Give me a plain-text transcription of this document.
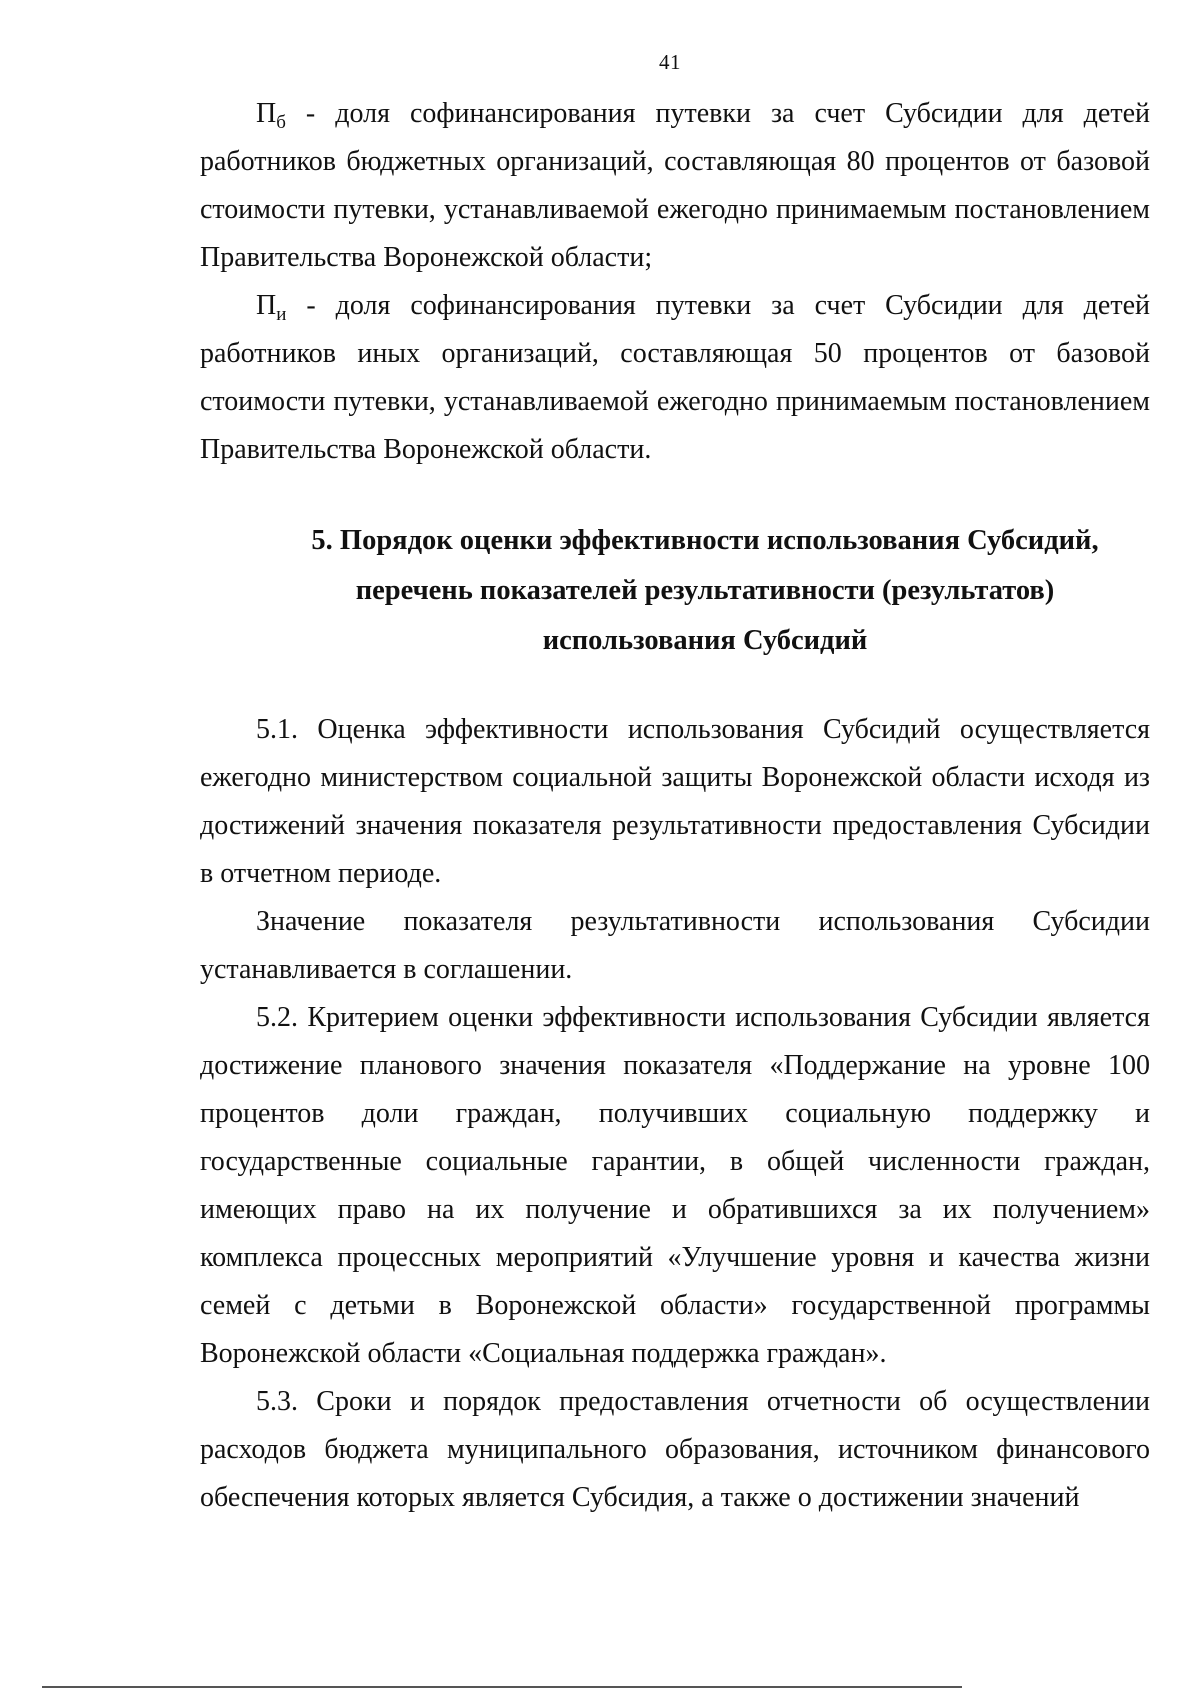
41

$П_б$ - доля софинансирования путевки за счет Субсидии для детей работников бюджетных организаций, составляющая 80 процентов от базовой стоимости путевки, устанавливаемой ежегодно принимаемым постановлением Правительства Воронежской области;

$П_и$ - доля софинансирования путевки за счет Субсидии для детей работников иных организаций, составляющая 50 процентов от базовой стоимости путевки, устанавливаемой ежегодно принимаемым постановлением Правительства Воронежской области.

5. Порядок оценки эффективности использования Субсидий,
перечень показателей результативности (результатов)
использования Субсидий

5.1. Оценка эффективности использования Субсидий осуществляется ежегодно министерством социальной защиты Воронежской области исходя из достижений значения показателя результативности предоставления Субсидии в отчетном периоде.

Значение показателя результативности использования Субсидии устанавливается в соглашении.

5.2. Критерием оценки эффективности использования Субсидии является достижение планового значения показателя «Поддержание на уровне 100 процентов доли граждан, получивших социальную поддержку и государственные социальные гарантии, в общей численности граждан, имеющих право на их получение и обратившихся за их получением» комплекса процессных мероприятий «Улучшение уровня и качества жизни семей с детьми в Воронежской области» государственной программы Воронежской области «Социальная поддержка граждан».

5.3. Сроки и порядок предоставления отчетности об осуществлении расходов бюджета муниципального образования, источником финансового обеспечения которых является Субсидия, а также о достижении значений
